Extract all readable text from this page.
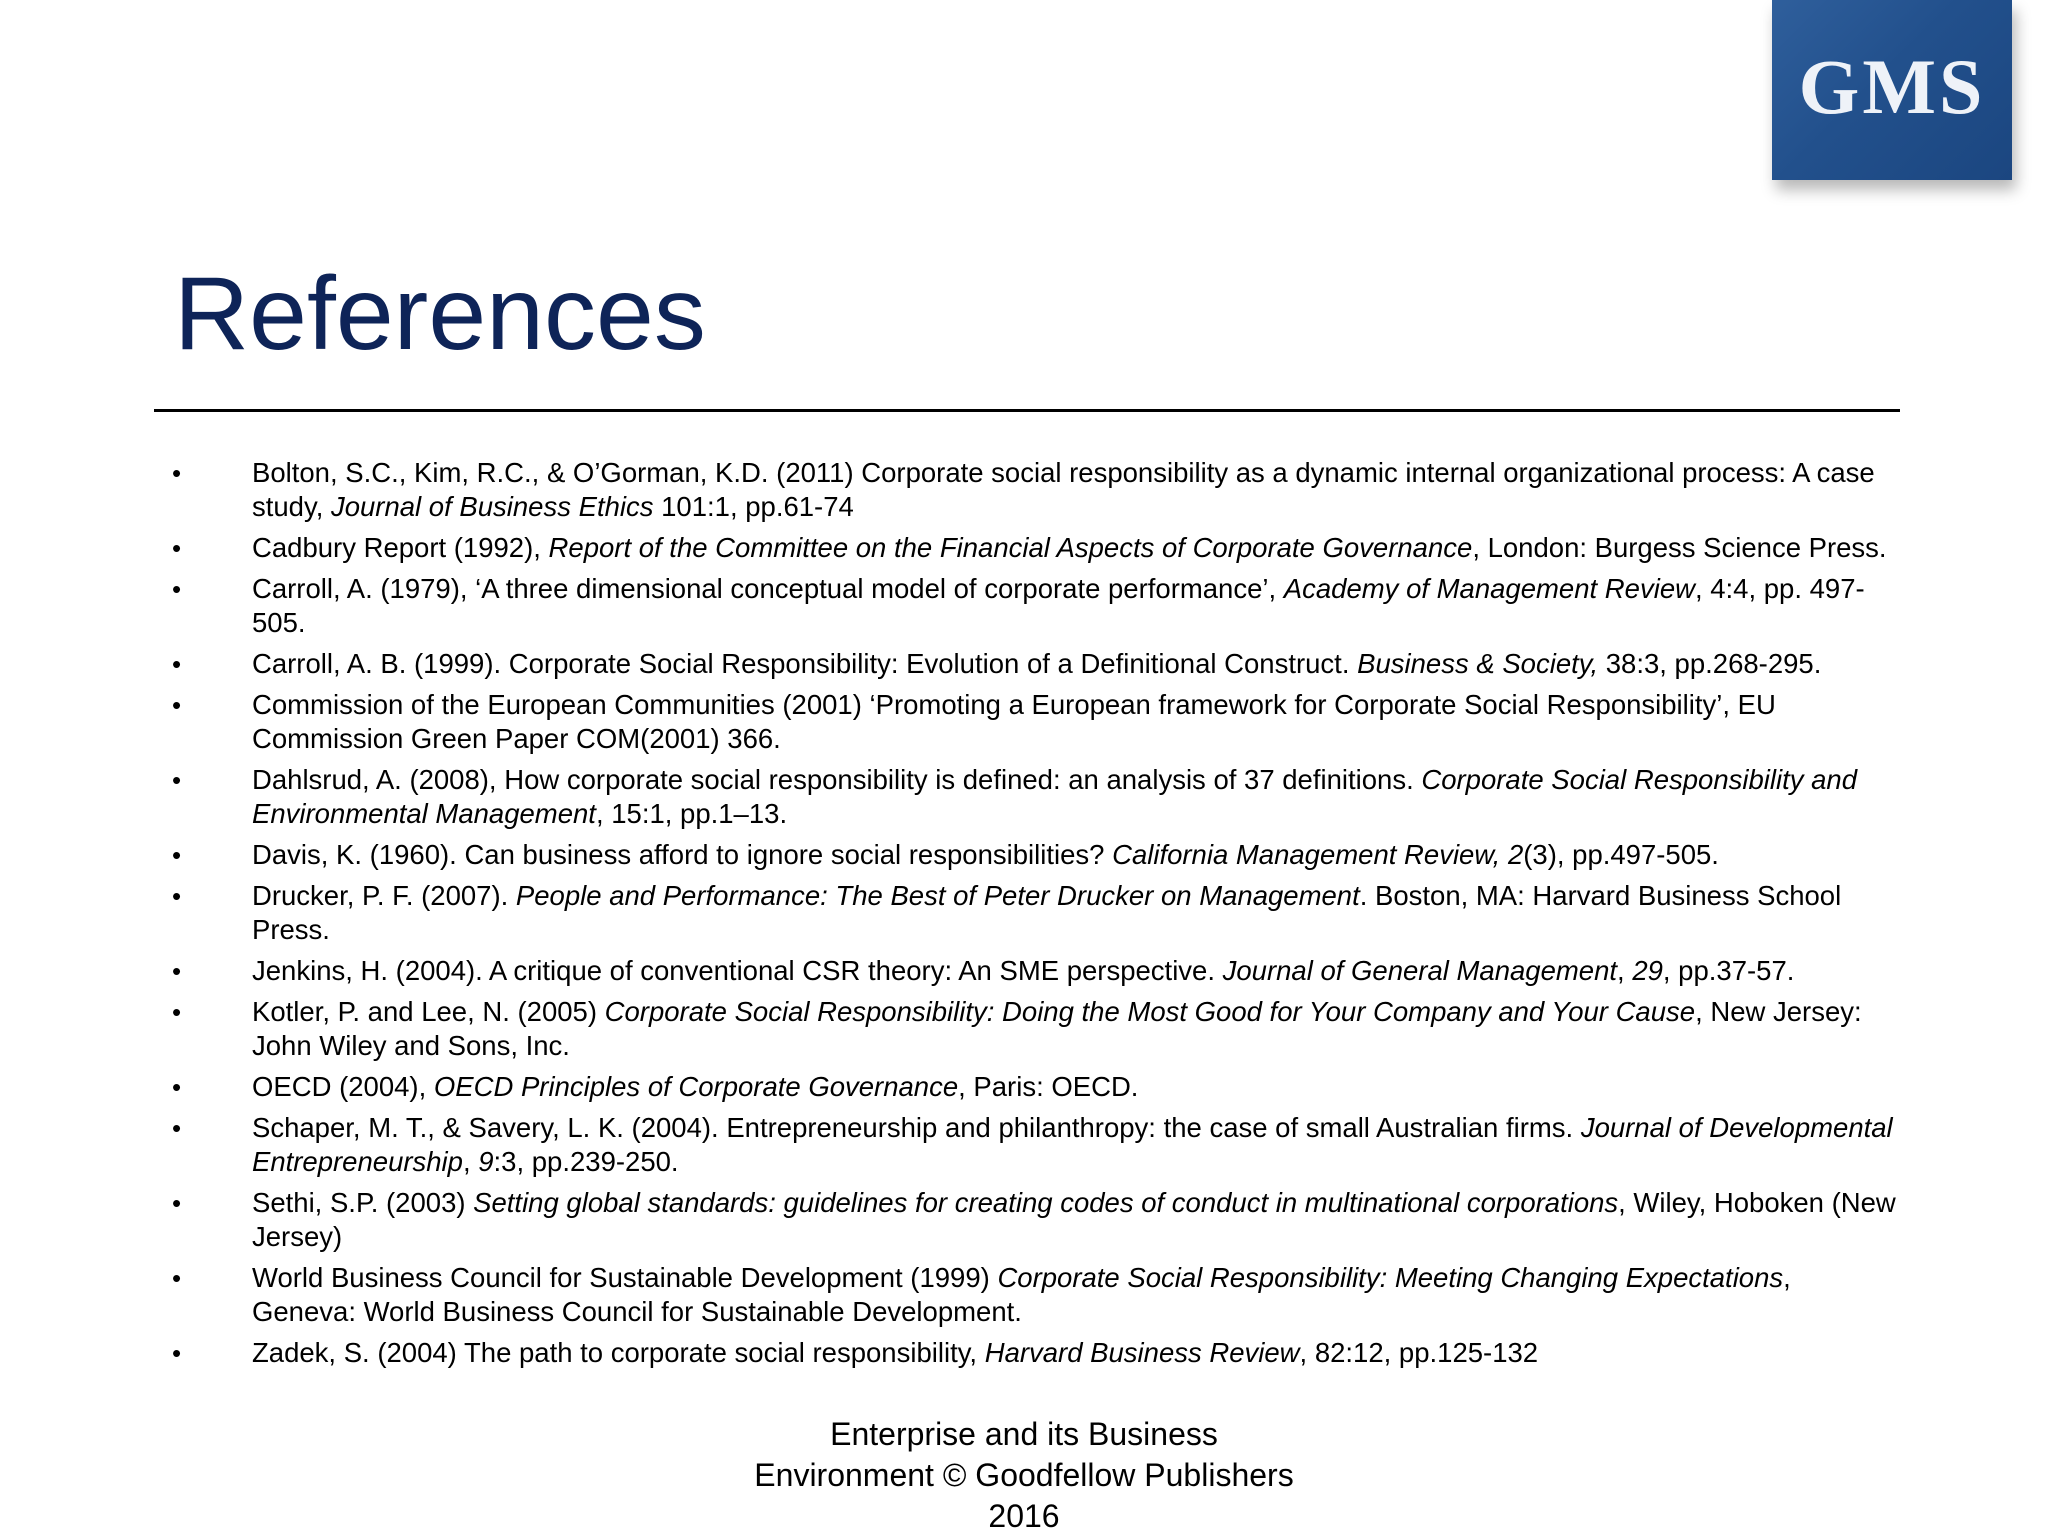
GMS
References
•	Bolton, S.C., Kim, R.C., & O’Gorman, K.D. (2011) Corporate social responsibility as a dynamic internal organizational process: A case study, Journal of Business Ethics 101:1, pp.61-74
•	Cadbury Report (1992), Report of the Committee on the Financial Aspects of Corporate Governance, London: Burgess Science Press.
•	Carroll, A. (1979), ‘A three dimensional conceptual model of corporate performance’, Academy of Management Review, 4:4, pp. 497-505.
•	Carroll, A. B. (1999). Corporate Social Responsibility: Evolution of a Definitional Construct. Business & Society, 38:3, pp.268-295.
•	Commission of the European Communities (2001) ‘Promoting a European framework for Corporate Social Responsibility’, EU Commission Green Paper COM(2001) 366.
•	Dahlsrud, A. (2008), How corporate social responsibility is defined: an analysis of 37 definitions. Corporate Social Responsibility and Environmental Management, 15:1, pp.1–13.
•	Davis, K. (1960). Can business afford to ignore social responsibilities? California Management Review, 2(3), pp.497-505.
•	Drucker, P. F. (2007). People and Performance: The Best of Peter Drucker on Management. Boston, MA: Harvard Business School Press.
•	Jenkins, H. (2004). A critique of conventional CSR theory: An SME perspective. Journal of General Management, 29, pp.37-57.
•	Kotler, P. and Lee, N. (2005) Corporate Social Responsibility: Doing the Most Good for Your Company and Your Cause, New Jersey: John Wiley and Sons, Inc.
•	OECD (2004), OECD Principles of Corporate Governance, Paris: OECD.
•	Schaper, M. T., & Savery, L. K. (2004). Entrepreneurship and philanthropy: the case of small Australian firms. Journal of Developmental Entrepreneurship, 9:3, pp.239-250.
•	Sethi, S.P. (2003) Setting global standards: guidelines for creating codes of conduct in multinational corporations, Wiley, Hoboken (New Jersey)
•	World Business Council for Sustainable Development (1999) Corporate Social Responsibility: Meeting Changing Expectations, Geneva: World Business Council for Sustainable Development.
•	Zadek, S. (2004) The path to corporate social responsibility, Harvard Business Review, 82:12, pp.125-132
Enterprise and its Business
Environment © Goodfellow Publishers
2016
